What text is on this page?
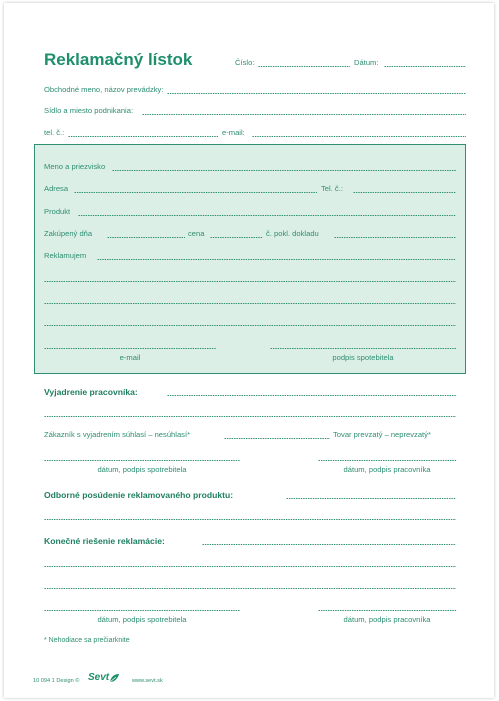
Reklamačný lístok	Číslo:	Dátum:
Obchodné meno, názov prevádzky:
Sídlo a miesto podnikania:
tel. č.:	e-mail:
Meno a priezvisko
Adresa	Tel. č.:
Produkt
Zakúpený dňa	cena	č. pokl. dokladu
Reklamujem
e-mail	podpis spotebitela
Vyjadrenie pracovníka:
Zákazník s vyjadrením súhlasí – nesúhlasí*	Tovar prevzatý – neprevzatý*
dátum, podpis spotrebitela	dátum, podpis pracovníka
Odborné posúdenie reklamovaného produktu:
Konečné riešenie reklamácie:
dátum, podpis spotrebitela	dátum, podpis pracovníka
* Nehodiace sa prečiarknite
10 094 1 Design © Sevt	www.sevt.sk
